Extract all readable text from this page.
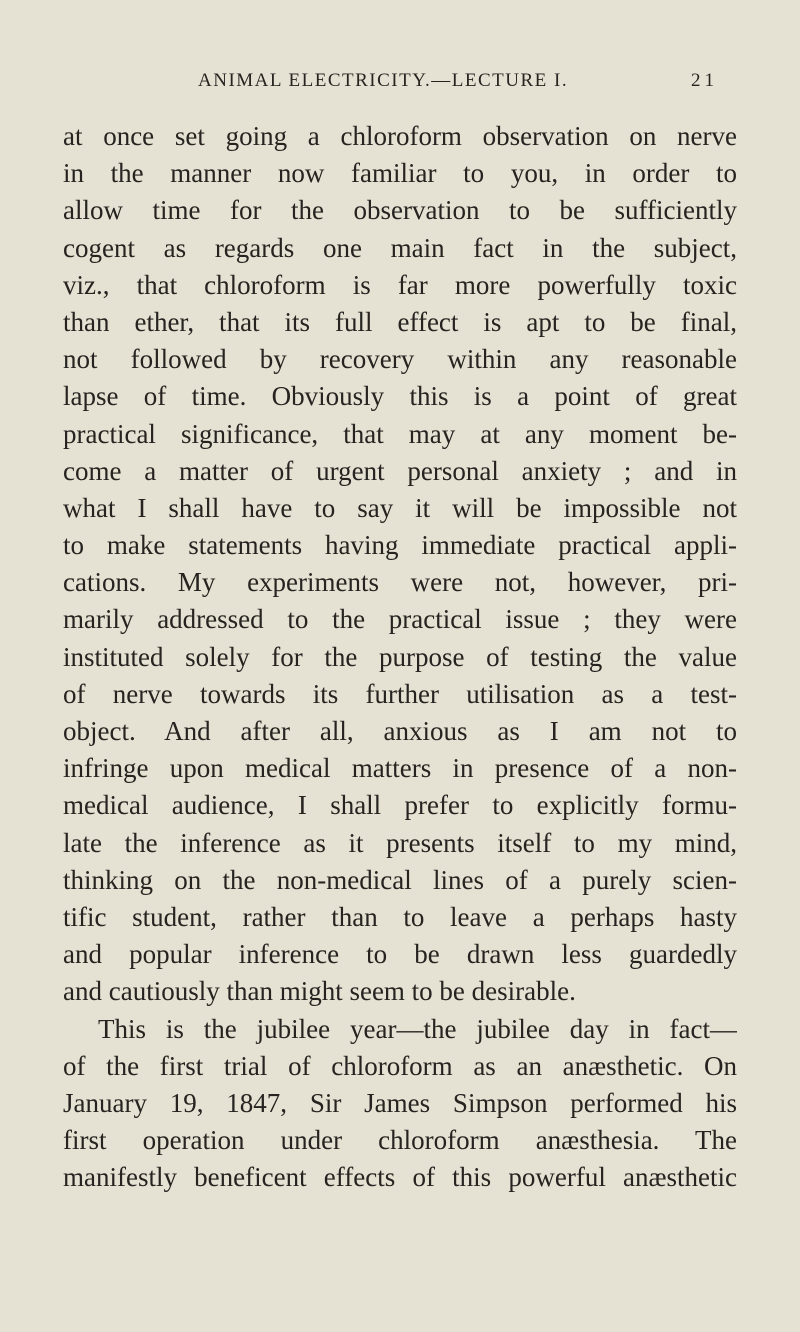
ANIMAL ELECTRICITY.—LECTURE I.	21
at once set going a chloroform observation on nerve
in the manner now familiar to you, in order to
allow time for the observation to be sufficiently
cogent as regards one main fact in the subject,
viz., that chloroform is far more powerfully toxic
than ether, that its full effect is apt to be final,
not followed by recovery within any reasonable
lapse of time. Obviously this is a point of great
practical significance, that may at any moment be-
come a matter of urgent personal anxiety ; and in
what I shall have to say it will be impossible not
to make statements having immediate practical appli-
cations. My experiments were not, however, pri-
marily addressed to the practical issue ; they were
instituted solely for the purpose of testing the value
of nerve towards its further utilisation as a test-
object. And after all, anxious as I am not to
infringe upon medical matters in presence of a non-
medical audience, I shall prefer to explicitly formu-
late the inference as it presents itself to my mind,
thinking on the non-medical lines of a purely scien-
tific student, rather than to leave a perhaps hasty
and popular inference to be drawn less guardedly
and cautiously than might seem to be desirable.
This is the jubilee year—the jubilee day in fact—
of the first trial of chloroform as an anæsthetic. On
January 19, 1847, Sir James Simpson performed his
first operation under chloroform anæsthesia. The
manifestly beneficent effects of this powerful anæsthetic
